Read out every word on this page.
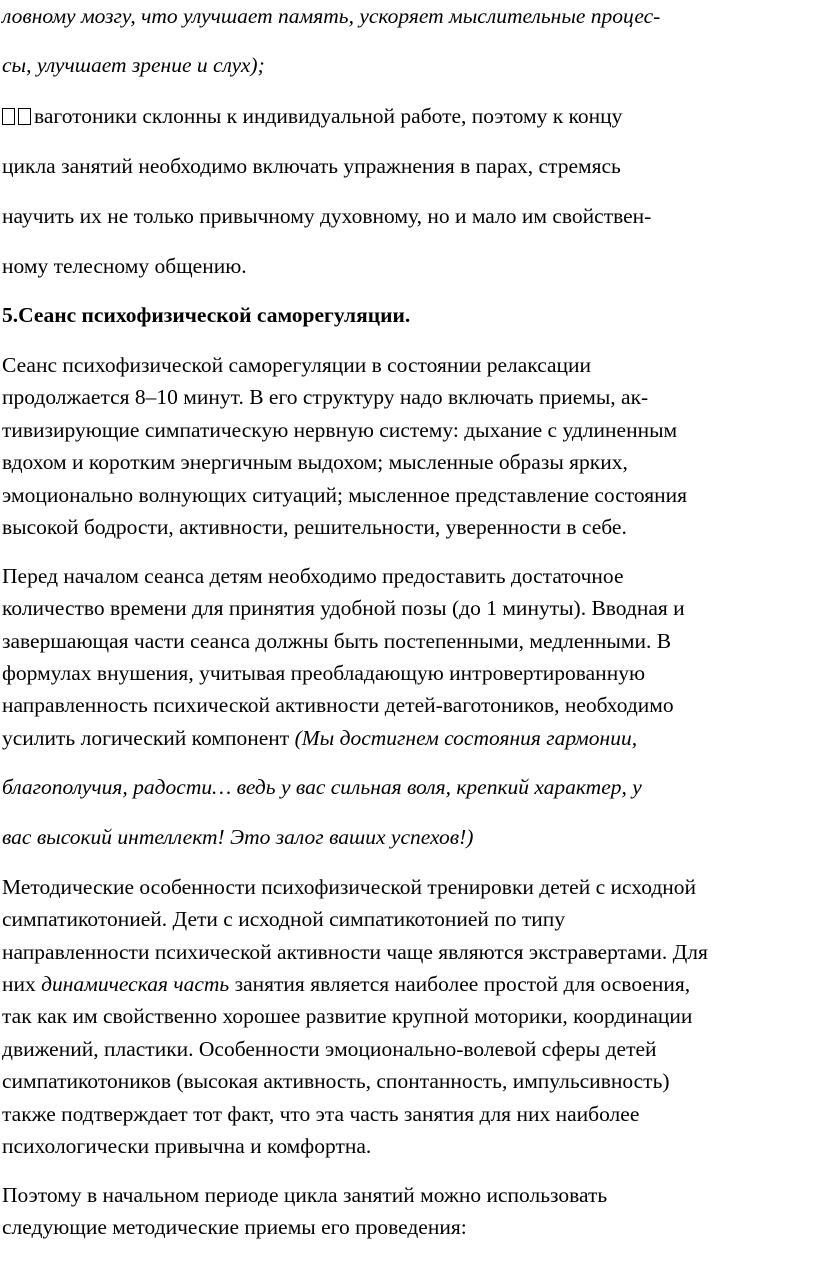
ловному мозгу, что улучшает память, ускоряет мыслительные процес-
сы, улучшает зрение и слух);
ваготоники склонны к индивидуальной работе, поэтому к концу
цикла занятий необходимо включать упражнения в парах, стремясь
научить их не только привычному духовному, но и мало им свойствен-
ному телесному общению.
5.Сеанс психофизической саморегуляции.
Сеанс психофизической саморегуляции в состоянии релаксации
продолжается 8–10 минут. В его структуру надо включать приемы, ак-
тивизирующие симпатическую нервную систему: дыхание с удлиненным
вдохом и коротким энергичным выдохом; мысленные образы ярких,
эмоционально волнующих ситуаций; мысленное представление состояния
высокой бодрости, активности, решительности, уверенности в себе.
Перед началом сеанса детям необходимо предоставить достаточное
количество времени для принятия удобной позы (до 1 минуты). Вводная и
завершающая части сеанса должны быть постепенными, медленными. В
формулах внушения, учитывая преобладающую интровертированную
направленность психической активности детей-ваготоников, необходимо
усилить логический компонент (Мы достигнем состояния гармонии,
благополучия, радости… ведь у вас сильная воля, крепкий характер, у
вас высокий интеллект! Это залог ваших успехов!)
Методические особенности психофизической тренировки детей с исходной
симпатикотонией. Дети с исходной симпатикотонией по типу
направленности психической активности чаще являются экстравертами. Для
них динамическая часть занятия является наиболее простой для освоения,
так как им свойственно хорошее развитие крупной моторики, координации
движений, пластики. Особенности эмоционально-волевой сферы детей
симпатикотоников (высокая активность, спонтанность, импульсивность)
также подтверждает тот факт, что эта часть занятия для них наиболее
психологически привычна и комфортна.
Поэтому в начальном периоде цикла занятий можно использовать
следующие методические приемы его проведения:
